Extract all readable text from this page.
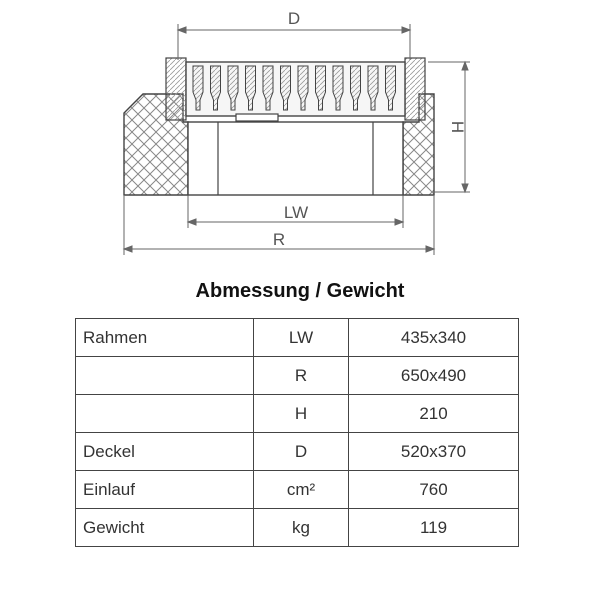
D
H
LW
R
Abmessung / Gewicht
Rahmen	LW	435x340
	R	650x490
	H	210
Deckel	D	520x370
Einlauf	cm²	760
Gewicht	kg	119
